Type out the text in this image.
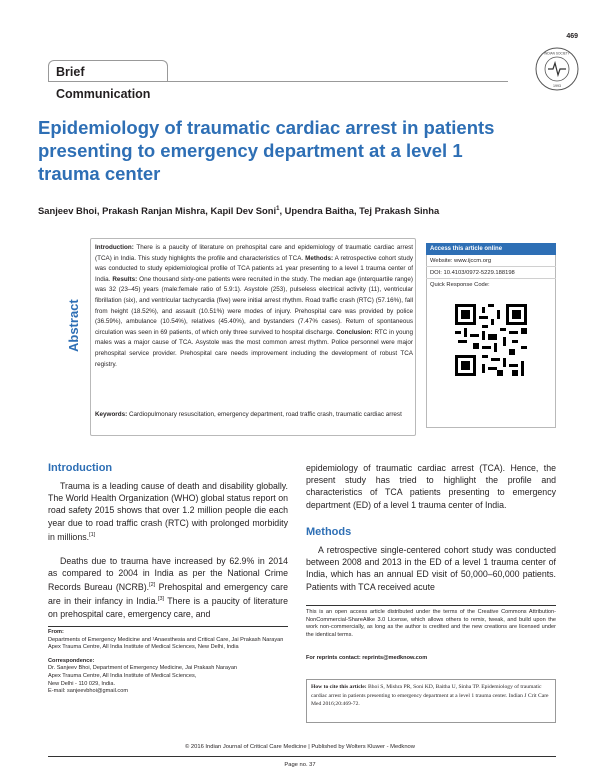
469
INDIAN SOCIETY
1993
Brief Communication
Epidemiology of traumatic cardiac arrest in patients
presenting to emergency department at a level 1
trauma center
Sanjeev Bhoi, Prakash Ranjan Mishra, Kapil Dev Soni$^1$, Upendra Baitha, Tej Prakash Sinha
Abstract
Introduction: There is a paucity of literature on prehospital care and epidemiology of traumatic cardiac arrest (TCA) in India. This study highlights the profile and characteristics of TCA. Methods: A retrospective cohort study was conducted to study epidemiological profile of TCA patients ≥1 year presenting to a level 1 trauma center of India. Results: One thousand sixty-one patients were recruited in the study. The median age (interquartile range) was 32 (23–45) years (male:female ratio of 5.9:1). Asystole (253), pulseless electrical activity (11), ventricular fibrillation (six), and ventricular tachycardia (five) were initial arrest rhythm. Road traffic crash (RTC) (57.16%), fall from height (18.52%), and assault (10.51%) were modes of injury. Prehospital care was provided by police (36.59%), ambulance (10.54%), relatives (45.40%), and bystanders (7.47% cases). Return of spontaneous circulation was seen in 69 patients, of which only three survived to hospital discharge. Conclusion: RTC in young males was a major cause of TCA. Asystole was the most common arrest rhythm. Police personnel were major prehospital service provider. Prehospital care needs improvement including the development of robust TCA registry.
Keywords: Cardiopulmonary resuscitation, emergency department, road traffic crash, traumatic cardiac arrest
Access this article online
Website: www.ijccm.org
DOI: 10.4103/0972-5229.188198
Quick Response Code:
Introduction

Trauma is a leading cause of death and disability globally. The World Health Organization (WHO) global status report on road safety 2015 shows that over 1.2 million people die each year due to road traffic crash (RTC) with prolonged morbidity in millions.[1]

Deaths due to trauma have increased by 62.9% in 2014 as compared to 2004 in India as per the National Crime Records Bureau (NCRB).[2] Prehospital and emergency care are in their infancy in India.[3] There is a paucity of literature on prehospital care, emergency care, and

epidemiology of traumatic cardiac arrest (TCA). Hence, the present study has tried to highlight the profile and characteristics of TCA patients presenting to emergency department (ED) of a level 1 trauma center of India.

Methods

A retrospective single-centered cohort study was conducted between 2008 and 2013 in the ED of a level 1 trauma center of India, which has an annual ED visit of 50,000–60,000 patients. Patients with TCA received acute

From:
Departments of Emergency Medicine and ¹Anaesthesia and Critical Care, Jai Prakash Narayan Apex Trauma Centre, All India Institute of Medical Sciences, New Delhi, India
Correspondence:
Dr. Sanjeev Bhoi, Department of Emergency Medicine, Jai Prakash Narayan
Apex Trauma Centre, All India Institute of Medical Sciences,
New Delhi - 110 029, India.
E-mail: sanjeevbhoi@gmail.com
This is an open access article distributed under the terms of the Creative Commons Attribution-NonCommercial-ShareAlike 3.0 License, which allows others to remix, tweak, and build upon the work non-commercially, as long as the author is credited and the new creations are licensed under the identical terms.
For reprints contact: reprints@medknow.com
How to cite this article: Bhoi S, Mishra PR, Soni KD, Baitha U, Sinha TP. Epidemiology of traumatic cardiac arrest in patients presenting to emergency department at a level 1 trauma center. Indian J Crit Care Med 2016;20:469-72.
© 2016 Indian Journal of Critical Care Medicine | Published by Wolters Kluwer - Medknow
Page no. 37
